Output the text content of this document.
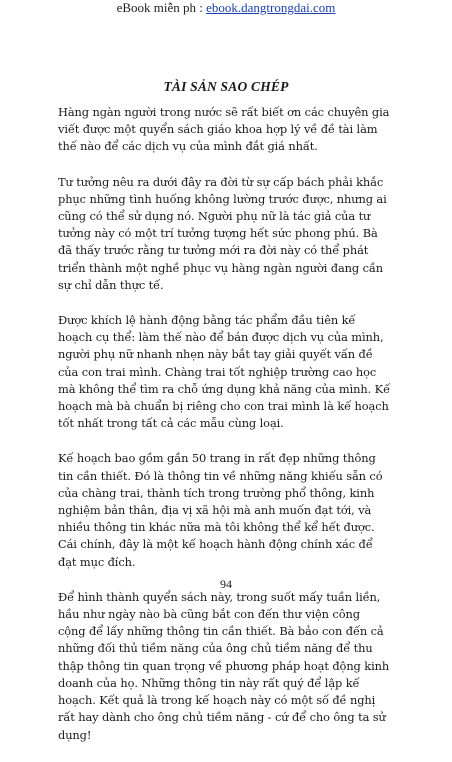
eBook miễn ph : ebook.dangtrongdai.com
TÀI SẢN SAO CHÉP

Hàng ngàn người trong nước sẽ rất biết ơn các chuyên gia viết được một quyển sách giáo khoa hợp lý về đề tài làm thế nào để các dịch vụ của mình đắt giá nhất.

Tư tưởng nêu ra dưới đây ra đời từ sự cấp bách phải khắc phục những tình huống không lường trước được, nhưng ai cũng có thể sử dụng nó. Người phụ nữ là tác giả của tư tưởng này có một trí tưởng tượng hết sức phong phú. Bà đã thấy trước rằng tư tưởng mới ra đời này có thể phát triển thành một nghề phục vụ hàng ngàn người đang cần sự chỉ dẫn thực tế.

Được khích lệ hành động bằng tác phẩm đầu tiên kế hoạch cụ thể: làm thế nào để bán được dịch vụ của mình, người phụ nữ nhanh nhẹn này bắt tay giải quyết vấn đề của con trai mình. Chàng trai tốt nghiệp trường cao học mà không thể tìm ra chỗ ứng dụng khả năng của mình. Kế hoạch mà bà chuẩn bị riêng cho con trai mình là kế hoạch tốt nhất trong tất cả các mẫu cùng loại.

Kế hoạch bao gồm gần 50 trang in rất đẹp những thông tin cần thiết. Đó là thông tin về những năng khiếu sẵn có của chàng trai, thành tích trong trường phổ thông, kinh nghiệm bản thân, địa vị xã hội mà anh muốn đạt tới, và nhiều thông tin khác nữa mà tôi không thể kể hết được. Cái chính, đây là một kế hoạch hành động chính xác để đạt mục đích.

Để hình thành quyển sách này, trong suốt mấy tuần liền, hầu như ngày nào bà cũng bắt con đến thư viện công cộng để lấy những thông tin cần thiết. Bà bảo con đến cả những đối thủ tiềm năng của ông chủ tiềm năng để thu thập thông tin quan trọng về phương pháp hoạt động kinh doanh của họ. Những thông tin này rất quý để lập kế hoạch. Kết quả là trong kế hoạch này có một số đề nghị rất hay dành cho ông chủ tiềm năng - cứ để cho ông ta sử dụng!

94
